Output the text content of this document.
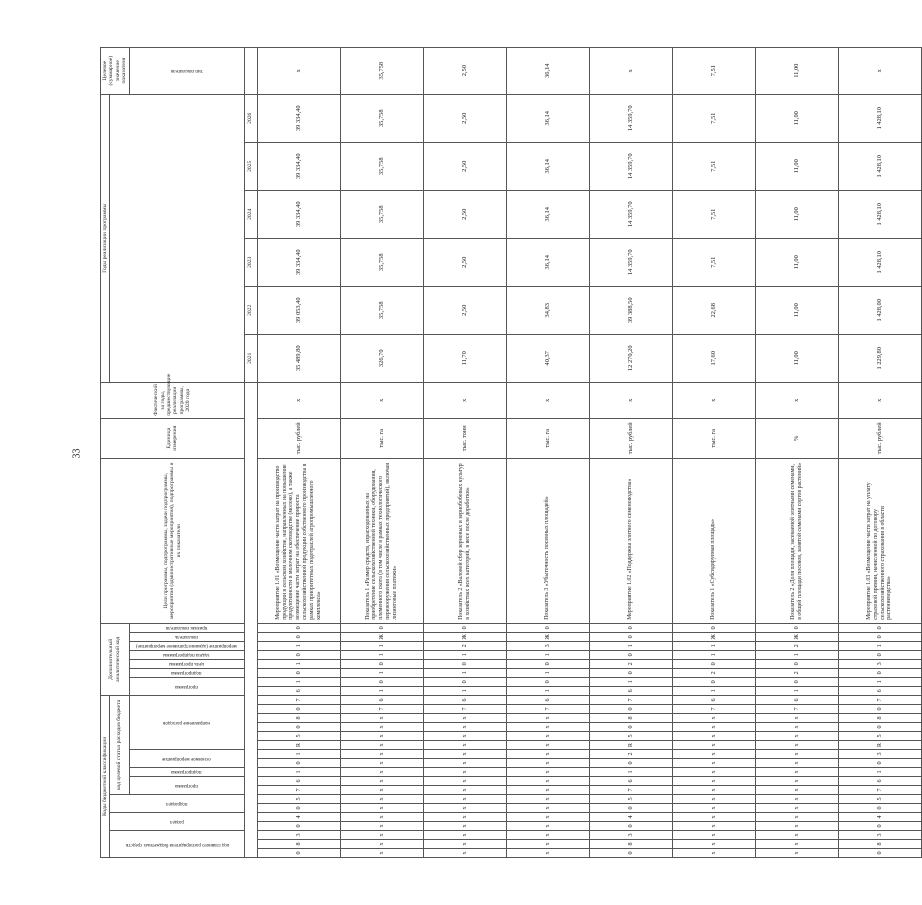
33
Коды бюджетной классификации																		Дополнительный аналитический код								Цели программы, подпрограммы, задачи подпрограммы, мероприятия (административные мероприятия), подпрограммы и их показатели	Единица измерения	Фактический за годы, предшествующие реализации программы, 2020 года	Годы реализации программы						Целевое (суммарное) значение показателя	

код главного распорядителя бюджетных средств			раздел		подраздел		код целевой статьи расходов бюджета																													

							программа		подпрограмма	основное мероприятие		направление расходов						программа		подпрограмма	цель программы	задача подпрограммы	мероприятие (административное мероприятие)	показатель	признак показателя										тип показателя

																													2021	2022	2023	2024	2025	2026		
0	8	3	0	4	0	5	7	6	1	0	1	R	5	0	8	0	7	6	1	0	1	0	1	0	0	Мероприятие 1.01 «Возмещение части затрат на производство продукции в сельском хозяйстве, направленных на повышение продуктивности в молочном скотоводстве (молоко), а также возмещение части затрат на обеспечение прироста сельскохозяйственной продукции собственного производства в рамках приоритетных подотраслей агропромышленного комплекса»	тыс. рублей	х	35 489,80	39 053,40	39 334,40	39 334,40	39 334,40	39 334,40	х	
х	х	х	х	х	х	х	х	х	х	х	х	х	х	х	х	7	6	1	0	1	0	1	1	Ж	0	Показатель 1 «Размер средств, израсходованных на приобретение сельскохозяйственной техники, оборудования, племенного скота (в том числе в рамках технологического перевооружения сельскохозяйственных предприятий), включая лизинговые платежи»	тыс. га	х	326,70	35,758	35,758	35,758	35,758	35,758	35,758	
х	х	х	х	х	х	х	х	х	х	х	х	х	х	х	х	7	6	1	0	1	0	1	2	Ж	0	Показатель 2 «Валовой сбор зерновых и зернобобовых культур в хозяйствах всех категорий, в весе после доработки»	тыс. тонн	х	11,70	2,50	2,50	2,50	2,50	2,50	2,50	
х	х	х	х	х	х	х	х	х	х	х	х	х	х	х	х	7	6	1	0	1	0	1	3	Ж	0	Показатель 3 «Убыточность посевных площадей»	тыс. га	х	40,37	34,83	36,14	36,14	36,14	36,14	36,14	
0	8	3	0	4	0	5	7	6	1	0	2	R	5	0	8	0	7	6	1	0	2	0	1	0	0	Мероприятие 1.02 «Поддержка элитного семеноводства»	тыс. рублей	х	12 270,20	39 388,50	14 359,70	14 359,70	14 359,70	14 359,70	х	
х	х	х	х	х	х	х	х	х	х	х	х	х	х	х	х	7	6	1	0	2	0	1	1	Ж	0	Показатель 1 «Субсидируемая площадь»	тыс. га	х	17,60	22,68	7,51	7,51	7,51	7,51	7,51	
х	х	х	х	х	х	х	х	х	х	х	х	х	х	х	х	7	6	1	0	2	0	1	2	Ж	0	Показатель 2 «Доля площади, засеваемой элитными семенами, в общей площади посевов, занятой семенами сортов растений»	%	х	11,00	11,00	11,00	11,00	11,00	11,00	11,00	
0	8	3	0	4	0	5	7	6	1	0	3	R	5	0	8	0	7	6	1	0	3	0	1	0	0	Мероприятие 1.03 «Возмещение части затрат на уплату страховой премии, начисленной по договору сельскохозяйственного страхования в области растениеводства»	тыс. рублей	х	1 229,80	1 428,00	1 428,10	1 428,10	1 428,10	1 428,10	х	
